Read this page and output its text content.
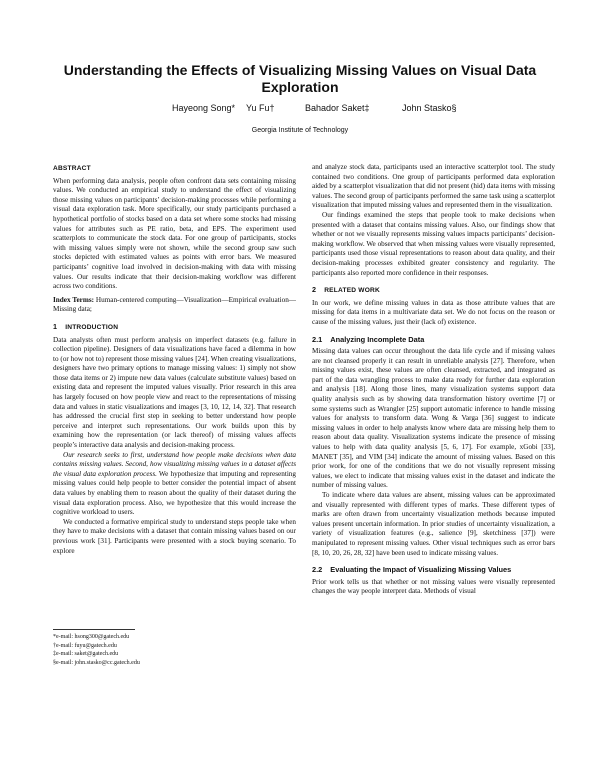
Understanding the Effects of Visualizing Missing Values on Visual Data Exploration
Hayeong Song* Yu Fu†	Bahador Saket‡	John Stasko§
Georgia Institute of Technology
ABSTRACT

When performing data analysis, people often confront data sets containing missing values. We conducted an empirical study to understand the effect of visualizing those missing values on participants’ decision-making processes while performing a visual data exploration task. More specifically, our study participants purchased a hypothetical portfolio of stocks based on a data set where some stocks had missing values for attributes such as PE ratio, beta, and EPS. The experiment used scatterplots to communicate the stock data. For one group of participants, stocks with missing values simply were not shown, while the second group saw such stocks depicted with estimated values as points with error bars. We measured participants’ cognitive load involved in decision-making with data with missing values. Our results indicate that their decision-making workflow was different across two conditions.

Index Terms: Human-centered computing—Visualization—Empirical evaluation—Missing data;

1 INTRODUCTION

Data analysts often must perform analysis on imperfect datasets (e.g. failure in collection pipeline). Designers of data visualizations have faced a dilemma in how to (or how not to) represent those missing values [24]. When creating visualizations, designers have two primary options to manage missing values: 1) simply not show those data items or 2) impute new data values (calculate substitute values) based on existing data and represent the imputed values visually. Prior research in this area has largely focused on how people view and react to the representations of missing data and values in static visualizations and images [3, 10, 12, 14, 32]. That research has addressed the crucial first step in seeking to better understand how people perceive and interpret such representations. Our work builds upon this by examining how the representation (or lack thereof) of missing values affects people’s interactive data analysis and decision-making process.

Our research seeks to first, understand how people make decisions when data contains missing values. Second, how visualizing missing values in a dataset affects the visual data exploration process. We hypothesize that imputing and representing missing values could help people to better consider the potential impact of absent data values by enabling them to reason about the quality of their dataset during the visual data exploration process. Also, we hypothesize that this would increase the cognitive workload to users.

We conducted a formative empirical study to understand steps people take when they have to make decisions with a dataset that contain missing values based on our previous work [31]. Participants were presented with a stock buying scenario. To explore

*e-mail: hsong300@gatech.edu
†e-mail: fuyu@gatech.edu
‡e-mail: saket@gatech.edu
§e-mail: john.stasko@cc.gatech.edu

and analyze stock data, participants used an interactive scatterplot tool. The study contained two conditions. One group of participants performed data exploration aided by a scatterplot visualization that did not present (hid) data items with missing values. The second group of participants performed the same task using a scatterplot visualization that imputed missing values and represented them in the visualization.

Our findings examined the steps that people took to make decisions when presented with a dataset that contains missing values. Also, our findings show that whether or not we visually represents missing values impacts participants’ decision-making workflow. We observed that when missing values were visually represented, participants used those visual representations to reason about data quality, and their decision-making processes exhibited greater consistency and regularity. The participants also reported more confidence in their responses.

2 RELATED WORK

In our work, we define missing values in data as those attribute values that are missing for data items in a multivariate data set. We do not focus on the reason or cause of the missing values, just their (lack of) existence.

2.1 Analyzing Incomplete Data

Missing data values can occur throughout the data life cycle and if missing values are not cleansed properly it can result in unreliable analysis [27]. Therefore, when missing values exist, these values are often cleansed, extracted, and integrated as part of the data wrangling process to make data ready for further data exploration and analysis [18]. Along those lines, many visualization systems support data quality analysis such as by showing data transformation history overtime [7] or some systems such as Wrangler [25] support automatic inference to handle missing values for analysts to transform data. Wong & Varga [36] suggest to indicate missing values in order to help analysts know where data are missing help them to reason about data quality. Visualization systems indicate the presence of missing values to help with data quality analysis [5, 6, 17]. For example, xGobi [33], MANET [35], and VIM [34] indicate the amount of missing values. Based on this prior work, for one of the conditions that we do not visually represent missing values, we elect to indicate that missing values exist in the dataset and indicate the number of missing values.

To indicate where data values are absent, missing values can be approximated and visually represented with different types of marks. These different types of marks are often drawn from uncertainty visualization methods because imputed values present uncertain information. In prior studies of uncertainty visualization, a variety of visualization features (e.g., salience [9], sketchiness [37]) were manipulated to represent missing values. Other visual techniques such as error bars [8, 10, 20, 26, 28, 32] have been used to indicate missing values.

2.2 Evaluating the Impact of Visualizing Missing Values

Prior work tells us that whether or not missing values were visually represented changes the way people interpret data. Methods of visual
